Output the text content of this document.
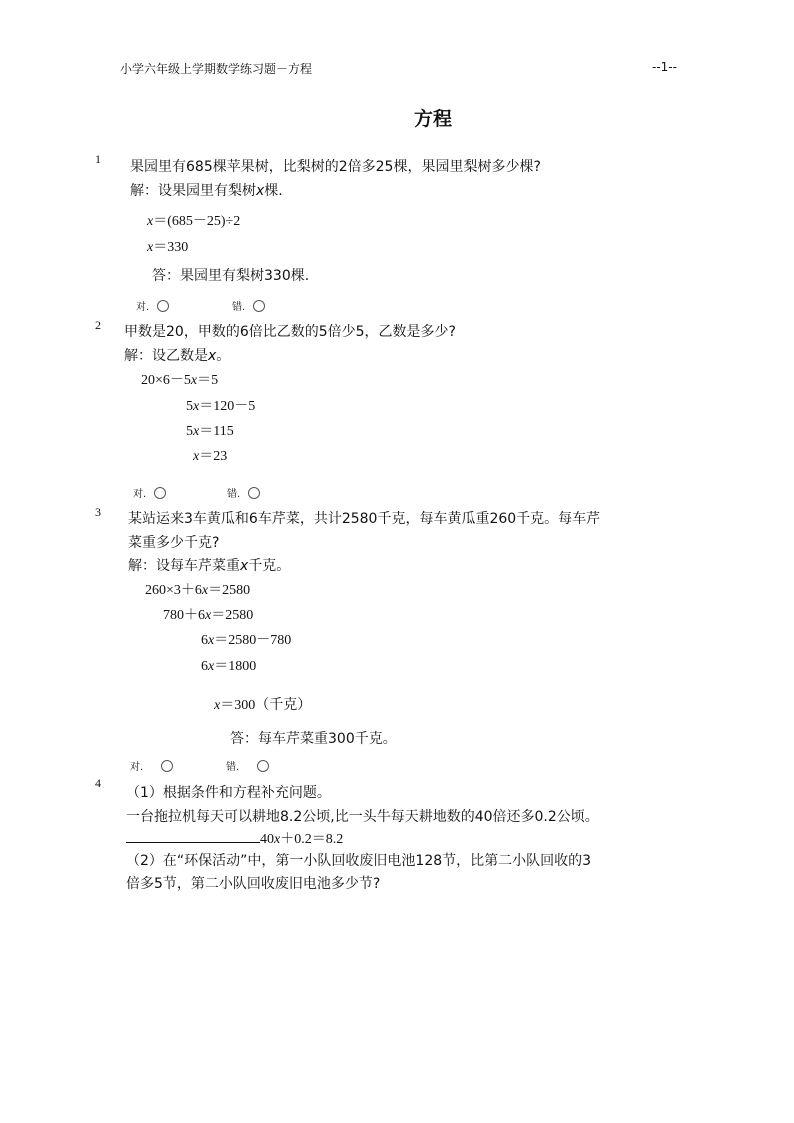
小学六年级上学期数学练习题－方程	--1--
方程
1 果园里有685棵苹果树，比梨树的2倍多25棵，果园里梨树多少棵?
解：设果园里有梨树x棵.
x＝(685－25)÷2
x＝330
答：果园里有梨树330棵.
对.	错.
2 甲数是20，甲数的6倍比乙数的5倍少5，乙数是多少?
解：设乙数是x。
20×6－5x＝5
5x＝120－5
5x＝115
x＝23
对.	错.
3 某站运来3车黄瓜和6车芹菜，共计2580千克，每车黄瓜重260千克。每车芹
菜重多少千克?
解：设每车芹菜重x千克。
260×3＋6x＝2580
780＋6x＝2580
6x＝2580－780
6x＝1800
x＝300（千克）
答：每车芹菜重300千克。
对.	错.
4
（1）根据条件和方程补充问题。
一台拖拉机每天可以耕地8.2公顷,比一头牛每天耕地数的40倍还多0.2公顷。
40x＋0.2＝8.2
（2）在“环保活动”中，第一小队回收废旧电池128节，比第二小队回收的3
倍多5节，第二小队回收废旧电池多少节?
